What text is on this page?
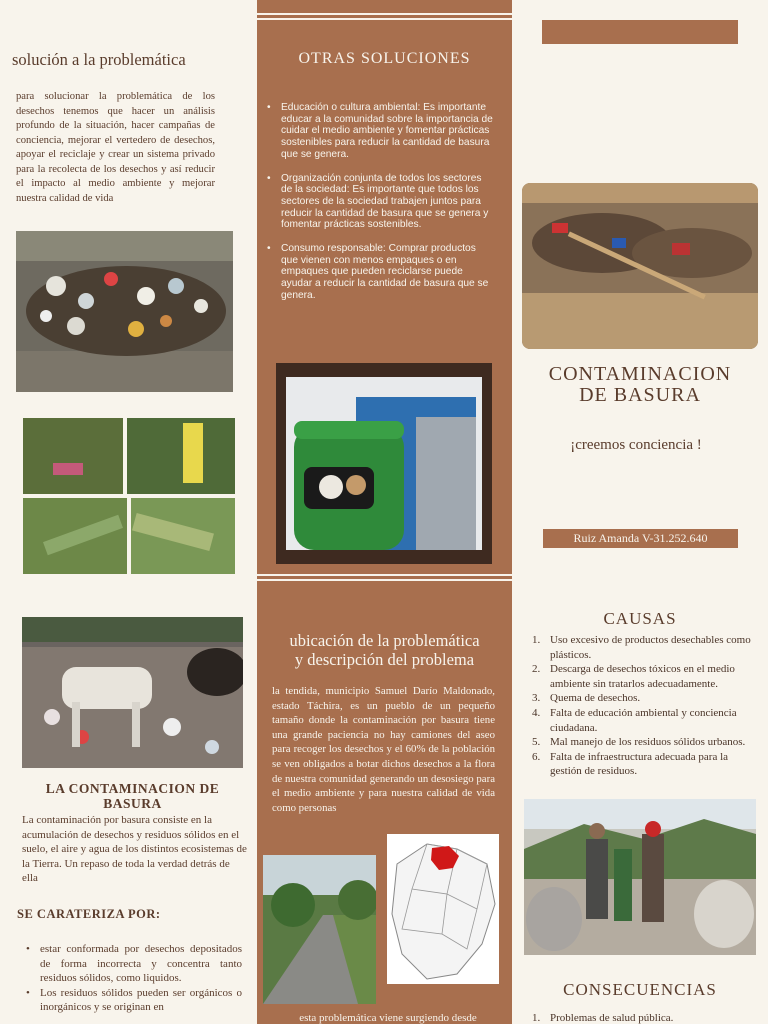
solución a la problemática
para solucionar la problemática de los desechos tenemos que hacer un análisis profundo de la situación, hacer campañas de conciencia, mejorar el vertedero de desechos, apoyar el reciclaje y crear un sistema privado para la recolecta de los desechos y así reducir el impacto al medio ambiente y mejorar nuestra calidad de vida
OTRAS SOLUCIONES
• Educación o cultura ambiental: Es importante educar a la comunidad sobre la importancia de cuidar el medio ambiente y fomentar prácticas sostenibles para reducir la cantidad de basura que se genera.
• Organización conjunta de todos los sectores de la sociedad: Es importante que todos los sectores de la sociedad trabajen juntos para reducir la cantidad de basura que se genera y fomentar prácticas sostenibles.
• Consumo responsable: Comprar productos que vienen con menos empaques o en empaques que pueden reciclarse puede ayudar a reducir la cantidad de basura que se genera.
CONTAMINACION
DE BASURA
¡creemos conciencia !
Ruiz Amanda V-31.252.640
LA CONTAMINACION DE
BASURA
La contaminación por basura consiste en la acumulación de desechos y residuos sólidos en el suelo, el aire y agua de los distintos ecosistemas de la Tierra. Un repaso de toda la verdad detrás de ella
SE CARATERIZA POR:
• estar conformada por desechos depositados de forma incorrecta y concentra tanto residuos sólidos, como liquidos.
• Los residuos sólidos pueden ser orgánicos o inorgánicos y se originan en
ubicación de la problemática
y descripción del problema
la tendida, municipio Samuel Darío Maldonado, estado Táchira, es un pueblo de un pequeño tamaño donde la contaminación por basura tiene una grande paciencia no hay camiones del aseo para recoger los desechos y el 60% de la población se ven obligados a botar dichos desechos a la flora de nuestra comunidad generando un desosiego para el medio ambiente y para nuestra calidad de vida como personas
esta problemática viene surgiendo desde
CAUSAS
1. Uso excesivo de productos desechables como plásticos.
2. Descarga de desechos tóxicos en el medio ambiente sin tratarlos adecuadamente.
3. Quema de desechos.
4. Falta de educación ambiental y conciencia ciudadana.
5. Mal manejo de los residuos sólidos urbanos.
6. Falta de infraestructura adecuada para la gestión de residuos.
CONSECUENCIAS
1. Problemas de salud pública.
